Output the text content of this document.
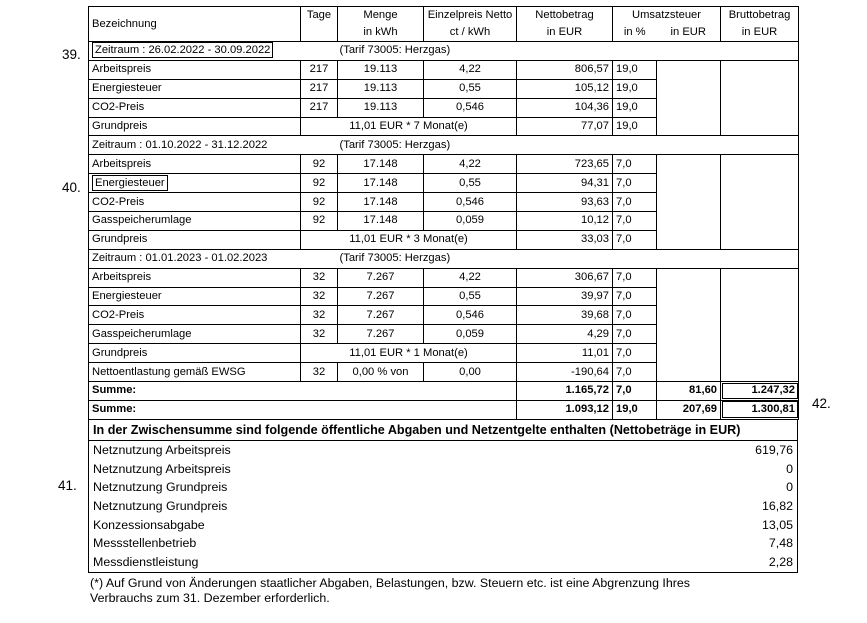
39.
40.
41.
42.
Bezeichnung	Tage	Menge	Einzelpreis Netto	Nettobetrag	Umsatzsteuer		Bruttobetrag
		in kWh	ct / kWh	in EUR	in %	in EUR	in EUR
Zeitraum : 26.02.2022 - 30.09.2022	(Tarif 73005: Herzgas)						
Arbeitspreis	217	19.113	4,22	806,57	19,0		
Energiesteuer	217	19.113	0,55	105,12	19,0		
CO2-Preis	217	19.113	0,546	104,36	19,0		
Grundpreis	11,01 EUR * 7 Monat(e)			77,07	19,0		
Zeitraum : 01.10.2022 - 31.12.2022	(Tarif 73005: Herzgas)						
Arbeitspreis	92	17.148	4,22	723,65	7,0		
Energiesteuer	92	17.148	0,55	94,31	7,0		
CO2-Preis	92	17.148	0,546	93,63	7,0		
Gasspeicherumlage	92	17.148	0,059	10,12	7,0		
Grundpreis	11,01 EUR * 3 Monat(e)			33,03	7,0		
Zeitraum : 01.01.2023 - 01.02.2023	(Tarif 73005: Herzgas)						
Arbeitspreis	32	7.267	4,22	306,67	7,0		
Energiesteuer	32	7.267	0,55	39,97	7,0		
CO2-Preis	32	7.267	0,546	39,68	7,0		
Gasspeicherumlage	32	7.267	0,059	4,29	7,0		
Grundpreis	11,01 EUR * 1 Monat(e)			11,01	7,0		
Nettoentlastung gemäß EWSG	32	0,00 % von	0,00	-190,64	7,0		
Summe:				1.165,72	7,0	81,60	1.247,32
Summe:				1.093,12	19,0	207,69	1.300,81
In der Zwischensumme sind folgende öffentliche Abgaben und Netzentgelte enthalten (Nettobeträge in EUR)
Netznutzung Arbeitspreis	619,76
Netznutzung Arbeitspreis	0
Netznutzung Grundpreis	0
Netznutzung Grundpreis	16,82
Konzessionsabgabe	13,05
Messstellenbetrieb	7,48
Messdienstleistung	2,28
(*) Auf Grund von Änderungen staatlicher Abgaben, Belastungen, bzw. Steuern etc. ist eine Abgrenzung Ihres
Verbrauchs zum 31. Dezember erforderlich.
